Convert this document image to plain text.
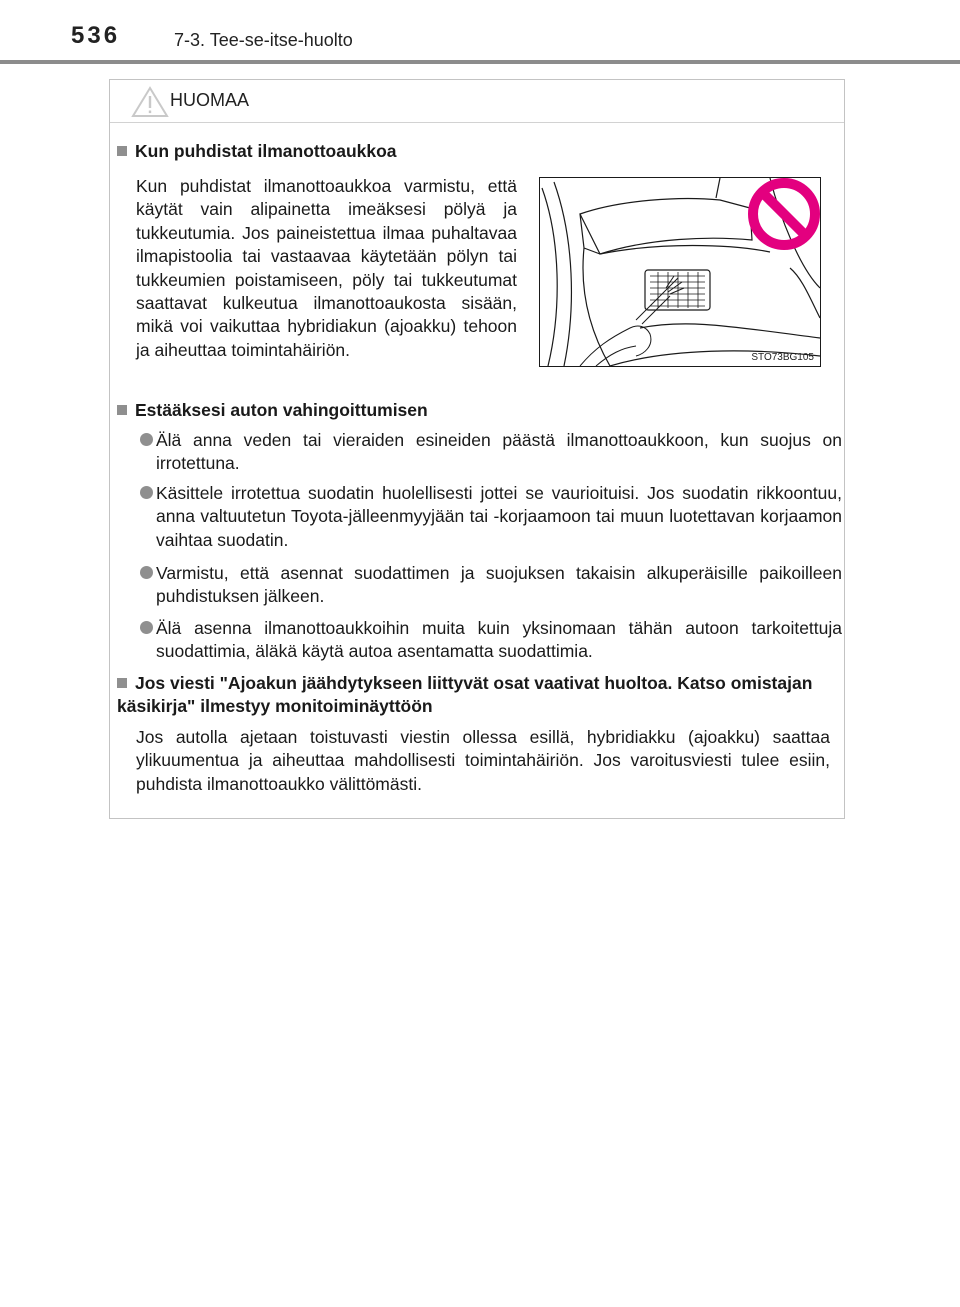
536	7-3. Tee-se-itse-huolto
HUOMAA
Kun puhdistat ilmanottoaukkoa
Kun puhdistat ilmanottoaukkoa varmistu, että käytät vain alipainetta imeäksesi pölyä ja tukkeutumia. Jos paineistettua ilmaa puhaltavaa ilmapistoolia tai vastaavaa käytetään pölyn tai tukkeumien poistamiseen, pöly tai tukkeutumat saattavat kulkeutua ilmanottoaukosta sisään, mikä voi vaikuttaa hybridiakun (ajoakku) tehoon ja aiheuttaa toimintahäiriön.	STO73BG105
Estääksesi auton vahingoittumisen
Älä anna veden tai vieraiden esineiden päästä ilmanottoaukkoon, kun suojus on irrotettuna.
Käsittele irrotettua suodatin huolellisesti jottei se vaurioituisi. Jos suodatin rikkoontuu, anna valtuutetun Toyota-jälleenmyyjään tai -korjaamoon tai muun luotettavan korjaamon vaihtaa suodatin.
Varmistu, että asennat suodattimen ja suojuksen takaisin alkuperäisille paikoilleen puhdistuksen jälkeen.
Älä asenna ilmanottoaukkoihin muita kuin yksinomaan tähän autoon tarkoitettuja suodattimia, äläkä käytä autoa asentamatta suodattimia.
Jos viesti "Ajoakun jäähdytykseen liittyvät osat vaativat huoltoa. Katso omistajan käsikirja" ilmestyy monitoiminäyttöön
Jos autolla ajetaan toistuvasti viestin ollessa esillä, hybridiakku (ajoakku) saattaa ylikuumentua ja aiheuttaa mahdollisesti toimintahäiriön. Jos varoitusviesti tulee esiin, puhdista ilmanottoaukko välittömästi.
